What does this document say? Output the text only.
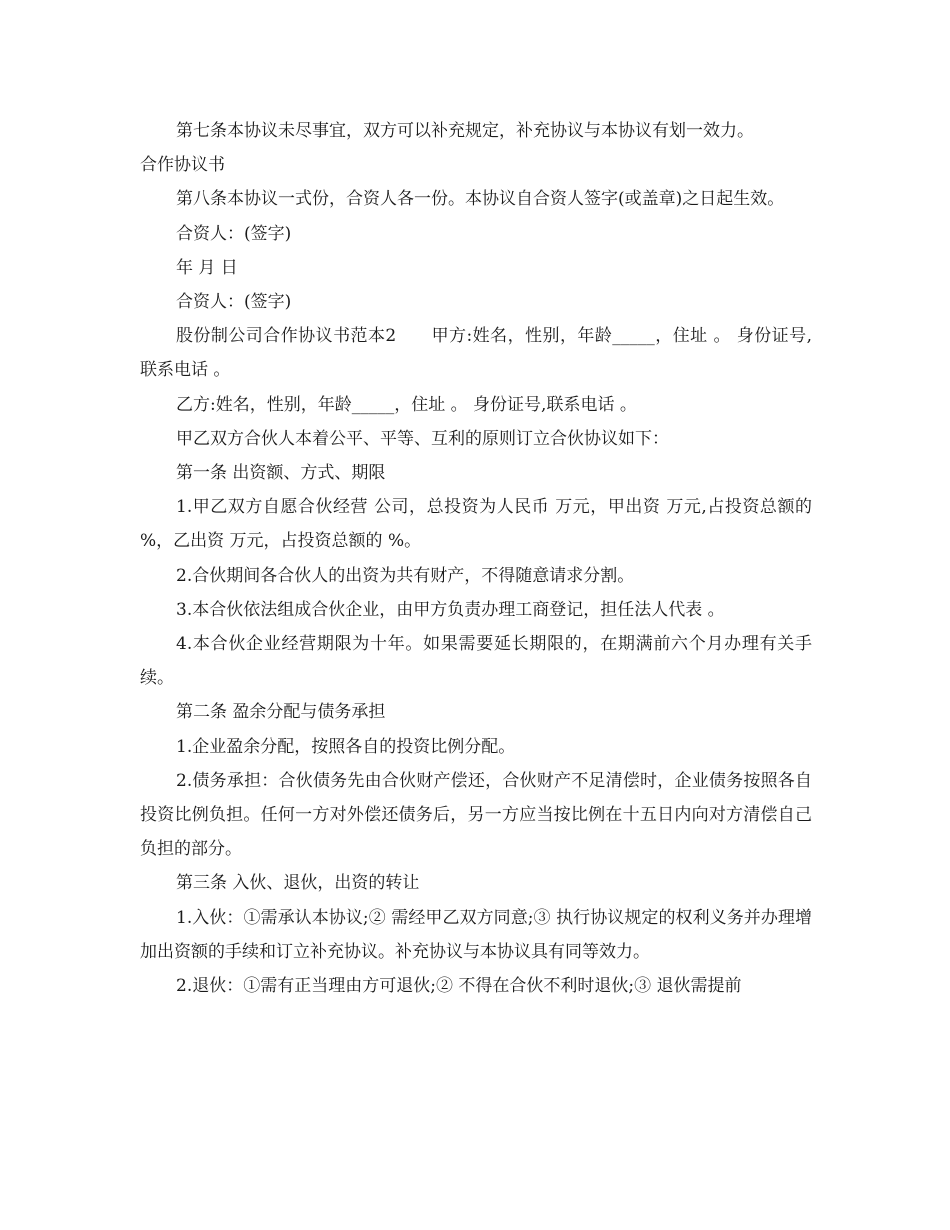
第七条本协议未尽事宜，双方可以补充规定，补充协议与本协议有划一效力。

合作协议书

第八条本协议一式份，合资人各一份。本协议自合资人签字(或盖章)之日起生效。

合资人：(签字)

年 月 日

合资人：(签字)

股份制公司合作协议书范本2　　甲方:姓名，性别，年龄_____，住址 。 身份证号,联系电话 。

乙方:姓名，性别，年龄_____，住址 。 身份证号,联系电话 。

甲乙双方合伙人本着公平、平等、互利的原则订立合伙协议如下：

第一条 出资额、方式、期限

1.甲乙双方自愿合伙经营 公司，总投资为人民币 万元，甲出资 万元,占投资总额的 %，乙出资 万元，占投资总额的 %。

2.合伙期间各合伙人的出资为共有财产，不得随意请求分割。

3.本合伙依法组成合伙企业，由甲方负责办理工商登记，担任法人代表 。

4.本合伙企业经营期限为十年。如果需要延长期限的，在期满前六个月办理有关手续。

第二条 盈余分配与债务承担

1.企业盈余分配，按照各自的投资比例分配。

2.债务承担：合伙债务先由合伙财产偿还，合伙财产不足清偿时，企业债务按照各自投资比例负担。任何一方对外偿还债务后，另一方应当按比例在十五日内向对方清偿自己负担的部分。

第三条 入伙、退伙，出资的转让

1.入伙：①需承认本协议;② 需经甲乙双方同意;③ 执行协议规定的权利义务并办理增加出资额的手续和订立补充协议。补充协议与本协议具有同等效力。

2.退伙：①需有正当理由方可退伙;② 不得在合伙不利时退伙;③ 退伙需提前
